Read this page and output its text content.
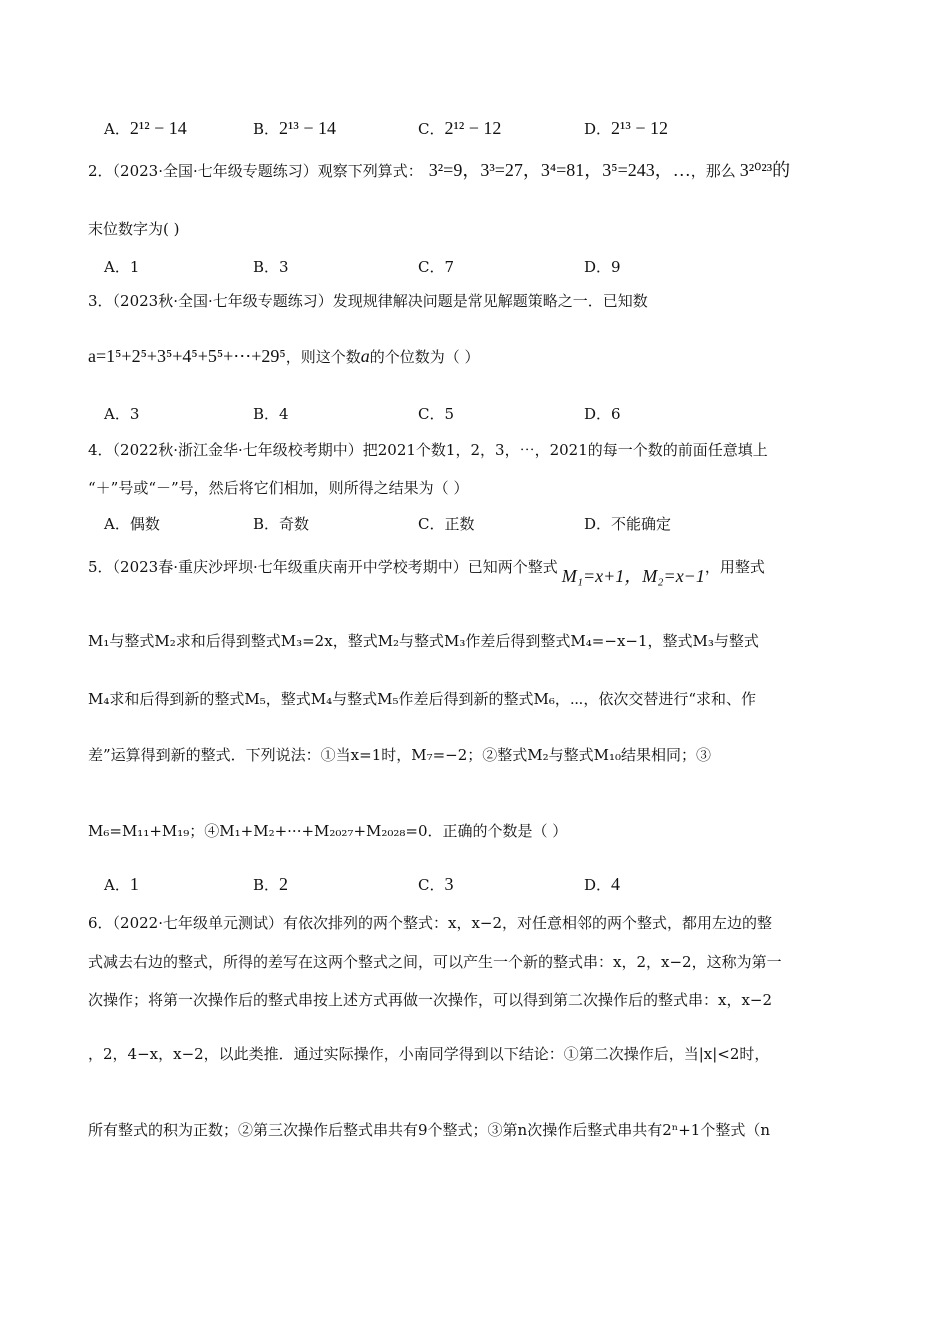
A．2¹² − 14	B．2¹³ − 14	C．2¹² − 12	D．2¹³ − 12
2．（2023·全国·七年级专题练习）观察下列算式： 3²=9，3³=27，3⁴=81，3⁵=243，…，那么 3²⁰²³的
末位数字为( )
A．1	B．3	C．7	D．9
3．（2023秋·全国·七年级专题练习）发现规律解决问题是常见解题策略之一．已知数
a=1⁵+2⁵+3⁵+4⁵+5⁵+⋯+29⁵，则这个数a的个位数为（ ）
A．3	B．4	C．5	D．6
4．（2022秋·浙江金华·七年级校考期中）把2021个数1，2，3，⋯，2021的每一个数的前面任意填上
“＋”号或“－”号，然后将它们相加，则所得之结果为（ ）
A．偶数	B．奇数	C．正数	D．不能确定
5．（2023春·重庆沙坪坝·七年级重庆南开中学校考期中）已知两个整式 M₁=x+1，M₂=x−1，用整式
M₁与整式M₂求和后得到整式M₃=2x，整式M₂与整式M₃作差后得到整式M₄=−x−1，整式M₃与整式
M₄求和后得到新的整式M₅，整式M₄与整式M₅作差后得到新的整式M₆，⋯，依次交替进行“求和、作
差”运算得到新的整式．下列说法：①当x=1时，M₇=−2；②整式M₂与整式M₁₀结果相同；③
M₆=M₁₁+M₁₉；④M₁+M₂+···+M₂₀₂₇+M₂₀₂₈=0．正确的个数是（ ）
A．1	B．2	C．3	D．4
6．（2022·七年级单元测试）有依次排列的两个整式：x，x−2，对任意相邻的两个整式，都用左边的整
式减去右边的整式，所得的差写在这两个整式之间，可以产生一个新的整式串：x，2，x−2，这称为第一
次操作；将第一次操作后的整式串按上述方式再做一次操作，可以得到第二次操作后的整式串：x，x−2
，2，4−x，x−2，以此类推．通过实际操作，小南同学得到以下结论：①第二次操作后，当|x|<2时，
所有整式的积为正数；②第三次操作后整式串共有9个整式；③第n次操作后整式串共有2ⁿ+1个整式（n
